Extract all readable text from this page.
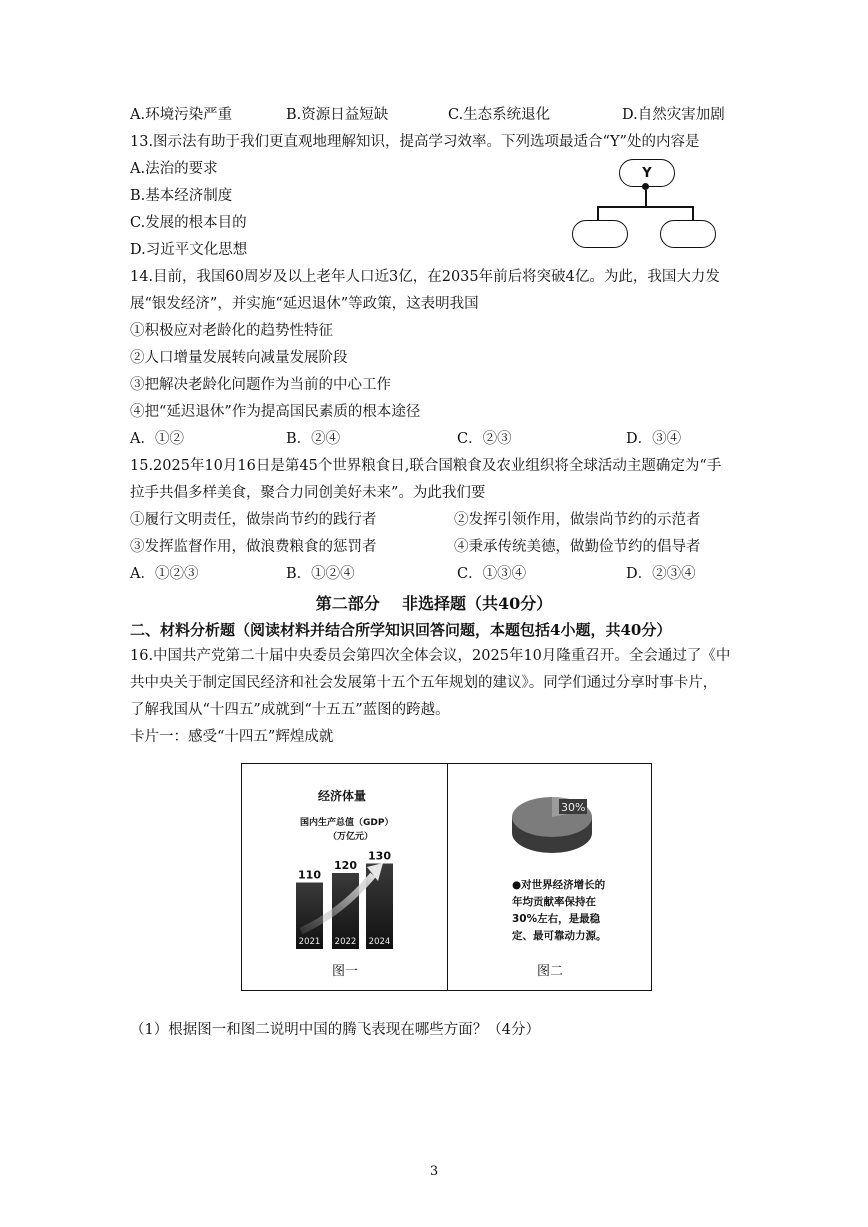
A.环境污染严重	B.资源日益短缺	C.生态系统退化	D.自然灾害加剧
13.图示法有助于我们更直观地理解知识，提高学习效率。下列选项最适合“Y”处的内容是
A.法治的要求
B.基本经济制度
C.发展的根本目的
D.习近平文化思想
Y
14.目前，我国60周岁及以上老年人口近3亿，在2035年前后将突破4亿。为此，我国大力发
展“银发经济”，并实施“延迟退休”等政策，这表明我国
①积极应对老龄化的趋势性特征
②人口增量发展转向减量发展阶段
③把解决老龄化问题作为当前的中心工作
④把“延迟退休”作为提高国民素质的根本途径
A．①②	B．②④	C．②③	D．③④
15.2025年10月16日是第45个世界粮食日,联合国粮食及农业组织将全球活动主题确定为“手
拉手共倡多样美食，聚合力同创美好未来”。为此我们要
①履行文明责任，做崇尚节约的践行者	②发挥引领作用，做崇尚节约的示范者
③发挥监督作用，做浪费粮食的惩罚者	④秉承传统美德，做勤俭节约的倡导者
A．①②③	B．①②④	C．①③④	D．②③④
第二部分    非选择题（共40分）
二、材料分析题（阅读材料并结合所学知识回答问题，本题包括4小题，共40分）
16.中国共产党第二十届中央委员会第四次全体会议，2025年10月隆重召开。全会通过了《中
共中央关于制定国民经济和社会发展第十五个五年规划的建议》。同学们通过分享时事卡片，
了解我国从“十四五”成就到“十五五”蓝图的跨越。
卡片一：感受“十四五”辉煌成就
经济体量
国内生产总值（GDP）
（万亿元）
110
2021
120
2022
130
2024
图一
30%
●对世界经济增长的
年均贡献率保持在
30%左右，是最稳
定、最可靠动力源。
图二
（1）根据图一和图二说明中国的腾飞表现在哪些方面？（4分）
3
